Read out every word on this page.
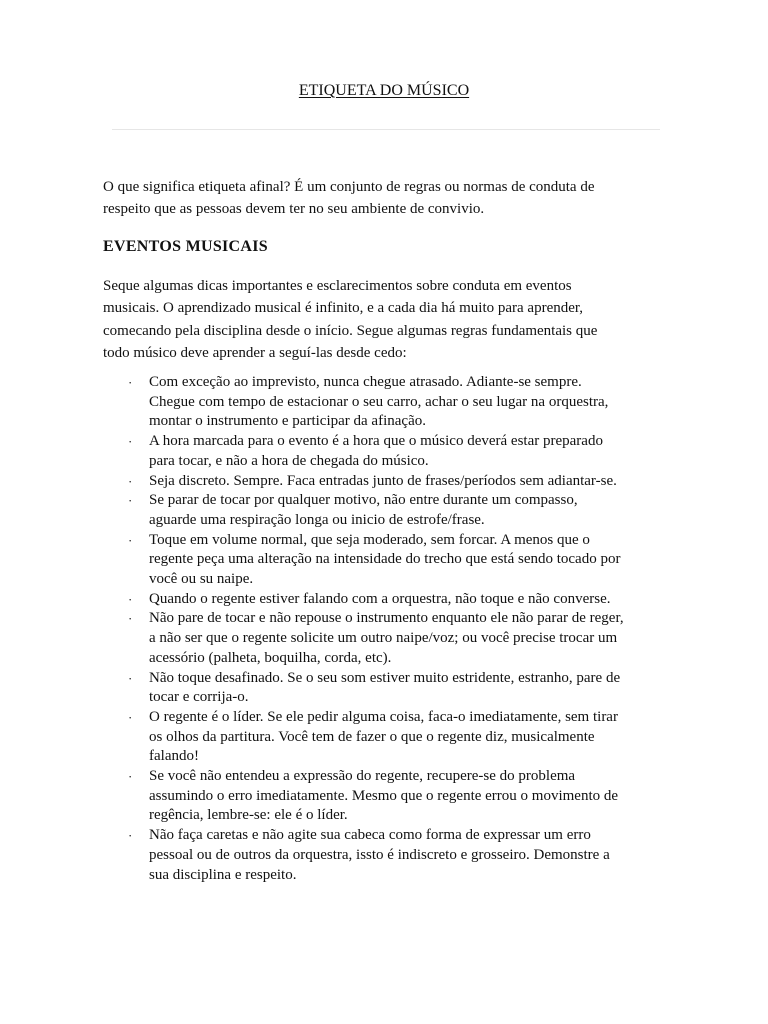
ETIQUETA DO MÚSICO

O que significa etiqueta afinal? É um conjunto de regras ou normas de conduta de respeito que as pessoas devem ter no seu ambiente de convivio.

EVENTOS MUSICAIS

Seque algumas dicas importantes e esclarecimentos sobre conduta em eventos musicais. O aprendizado musical é infinito, e a cada dia há muito para aprender, comecando pela disciplina desde o início. Segue algumas regras fundamentais que todo músico deve aprender a seguí-las desde cedo:

· Com exceção ao imprevisto, nunca chegue atrasado. Adiante-se sempre. Chegue com tempo de estacionar o seu carro, achar o seu lugar na orquestra, montar o instrumento e participar da afinação.
· A hora marcada para o evento é a hora que o músico deverá estar preparado para tocar, e não a hora de chegada do músico.
· Seja discreto. Sempre. Faca entradas junto de frases/períodos sem adiantar-se.
· Se parar de tocar por qualquer motivo, não entre durante um compasso, aguarde uma respiração longa ou inicio de estrofe/frase.
· Toque em volume normal, que seja moderado, sem forcar. A menos que o regente peça uma alteração na intensidade do trecho que está sendo tocado por você ou su naipe.
· Quando o regente estiver falando com a orquestra, não toque e não converse.
· Não pare de tocar e não repouse o instrumento enquanto ele não parar de reger, a não ser que o regente solicite um outro naipe/voz; ou você precise trocar um acessório (palheta, boquilha, corda, etc).
· Não toque desafinado. Se o seu som estiver muito estridente, estranho, pare de tocar e corrija-o.
· O regente é o líder. Se ele pedir alguma coisa, faca-o imediatamente, sem tirar os olhos da partitura. Você tem de fazer o que o regente diz, musicalmente falando!
· Se você não entendeu a expressão do regente, recupere-se do problema assumindo o erro imediatamente. Mesmo que o regente errou o movimento de regência, lembre-se: ele é o líder.
· Não faça caretas e não agite sua cabeca como forma de expressar um erro pessoal ou de outros da orquestra, isstо é indiscreto e grosseiro. Demonstre a sua disciplina e respeito.
